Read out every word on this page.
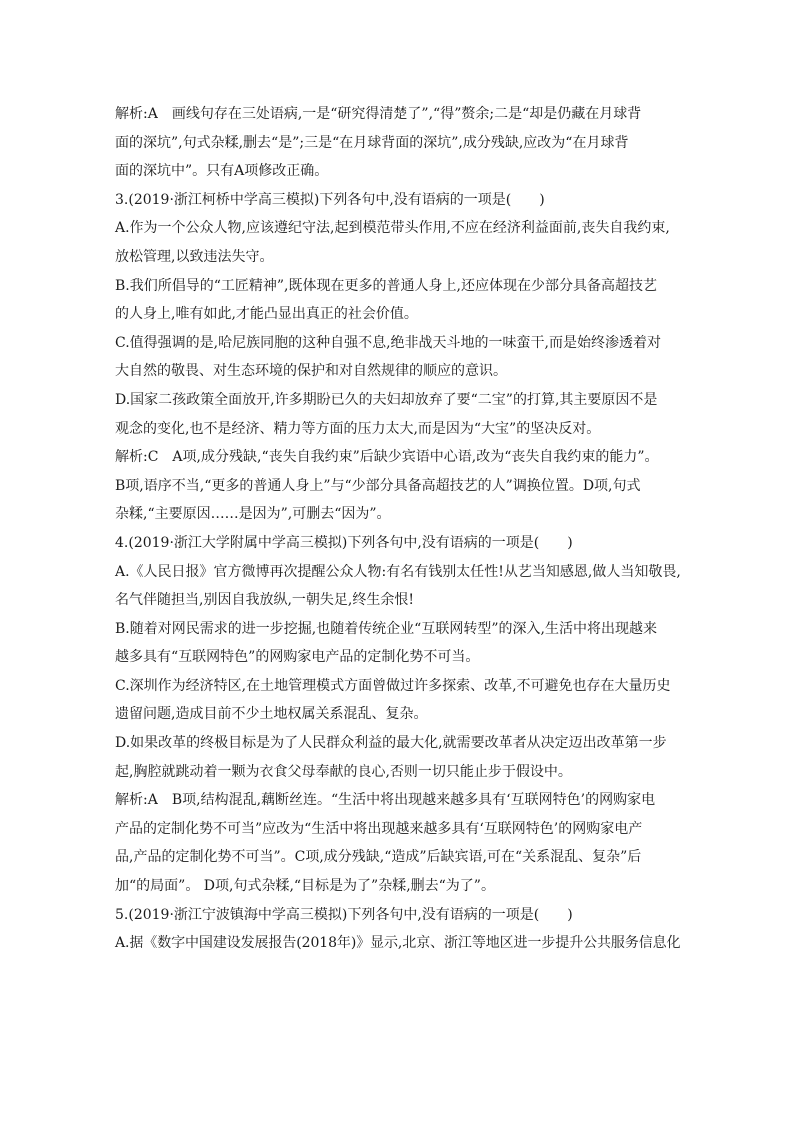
解析:A　画线句存在三处语病,一是“研究得清楚了”,“得”赘余;二是“却是仍藏在月球背
面的深坑”,句式杂糅,删去“是”;三是“在月球背面的深坑”,成分残缺,应改为“在月球背
面的深坑中”。只有A项修改正确。
3.(2019·浙江柯桥中学高三模拟)下列各句中,没有语病的一项是(　　)
A.作为一个公众人物,应该遵纪守法,起到模范带头作用,不应在经济利益面前,丧失自我约束,
放松管理,以致违法失守。
B.我们所倡导的“工匠精神”,既体现在更多的普通人身上,还应体现在少部分具备高超技艺
的人身上,唯有如此,才能凸显出真正的社会价值。
C.值得强调的是,哈尼族同胞的这种自强不息,绝非战天斗地的一味蛮干,而是始终渗透着对
大自然的敬畏、对生态环境的保护和对自然规律的顺应的意识。
D.国家二孩政策全面放开,许多期盼已久的夫妇却放弃了要“二宝”的打算,其主要原因不是
观念的变化,也不是经济、精力等方面的压力太大,而是因为“大宝”的坚决反对。
解析:C　A项,成分残缺,“丧失自我约束”后缺少宾语中心语,改为“丧失自我约束的能力”。
B项,语序不当,“更多的普通人身上”与“少部分具备高超技艺的人”调换位置。D项,句式
杂糅,“主要原因……是因为”,可删去“因为”。
4.(2019·浙江大学附属中学高三模拟)下列各句中,没有语病的一项是(　　)
A.《人民日报》官方微博再次提醒公众人物:有名有钱别太任性!从艺当知感恩,做人当知敬畏,
名气伴随担当,别因自我放纵,一朝失足,终生余恨!
B.随着对网民需求的进一步挖掘,也随着传统企业“互联网转型”的深入,生活中将出现越来
越多具有“互联网特色”的网购家电产品的定制化势不可当。
C.深圳作为经济特区,在土地管理模式方面曾做过许多探索、改革,不可避免也存在大量历史
遗留问题,造成目前不少土地权属关系混乱、复杂。
D.如果改革的终极目标是为了人民群众利益的最大化,就需要改革者从决定迈出改革第一步
起,胸腔就跳动着一颗为衣食父母奉献的良心,否则一切只能止步于假设中。
解析:A　B项,结构混乱,藕断丝连。“生活中将出现越来越多具有‘互联网特色’的网购家电
产品的定制化势不可当”应改为“生活中将出现越来越多具有‘互联网特色’的网购家电产
品,产品的定制化势不可当”。C项,成分残缺,“造成”后缺宾语,可在“关系混乱、复杂”后
加“的局面”。 D项,句式杂糅,“目标是为了”杂糅,删去“为了”。
5.(2019·浙江宁波镇海中学高三模拟)下列各句中,没有语病的一项是(　　)
A.据《数字中国建设发展报告(2018年)》显示,北京、浙江等地区进一步提升公共服务信息化
